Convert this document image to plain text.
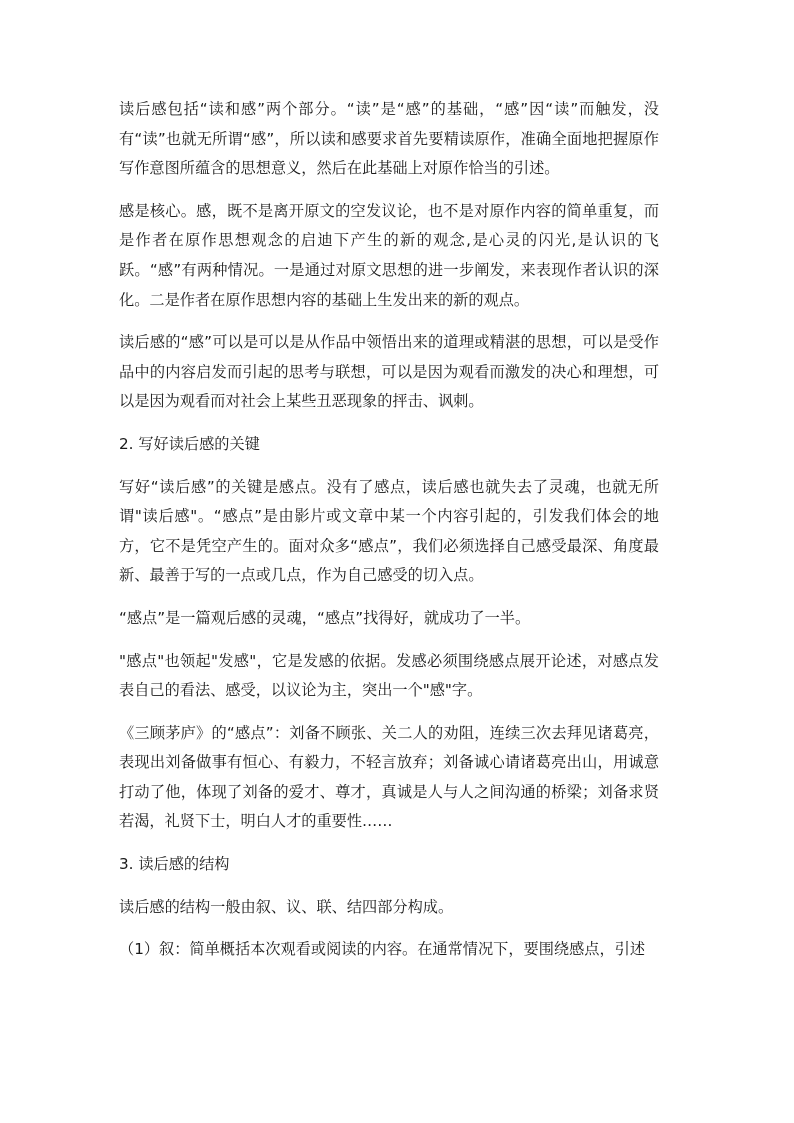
读后感包括“读和感”两个部分。“读”是“感”的基础，“感”因“读”而触发，没有“读”也就无所谓“感”，所以读和感要求首先要精读原作，准确全面地把握原作写作意图所蕴含的思想意义，然后在此基础上对原作恰当的引述。

感是核心。感，既不是离开原文的空发议论，也不是对原作内容的简单重复，而是作者在原作思想观念的启迪下产生的新的观念,是心灵的闪光,是认识的飞跃。“感”有两种情况。一是通过对原文思想的进一步阐发，来表现作者认识的深化。二是作者在原作思想内容的基础上生发出来的新的观点。

读后感的“感”可以是可以是从作品中领悟出来的道理或精湛的思想，可以是受作品中的内容启发而引起的思考与联想，可以是因为观看而激发的决心和理想，可以是因为观看而对社会上某些丑恶现象的抨击、讽刺。

2. 写好读后感的关键

写好“读后感”的关键是感点。没有了感点，读后感也就失去了灵魂，也就无所谓"读后感"。“感点”是由影片或文章中某一个内容引起的，引发我们体会的地方，它不是凭空产生的。面对众多“感点”，我们必须选择自己感受最深、角度最新、最善于写的一点或几点，作为自己感受的切入点。

“感点”是一篇观后感的灵魂，“感点”找得好，就成功了一半。

"感点"也领起"发感"，它是发感的依据。发感必须围绕感点展开论述，对感点发表自己的看法、感受，以议论为主，突出一个"感"字。

《三顾茅庐》的“感点”：刘备不顾张、关二人的劝阻，连续三次去拜见诸葛亮，表现出刘备做事有恒心、有毅力，不轻言放弃；刘备诚心请诸葛亮出山，用诚意打动了他，体现了刘备的爱才、尊才，真诚是人与人之间沟通的桥梁；刘备求贤若渴，礼贤下士，明白人才的重要性……

3. 读后感的结构

读后感的结构一般由叙、议、联、结四部分构成。

（1）叙：简单概括本次观看或阅读的内容。在通常情况下，要围绕感点，引述
